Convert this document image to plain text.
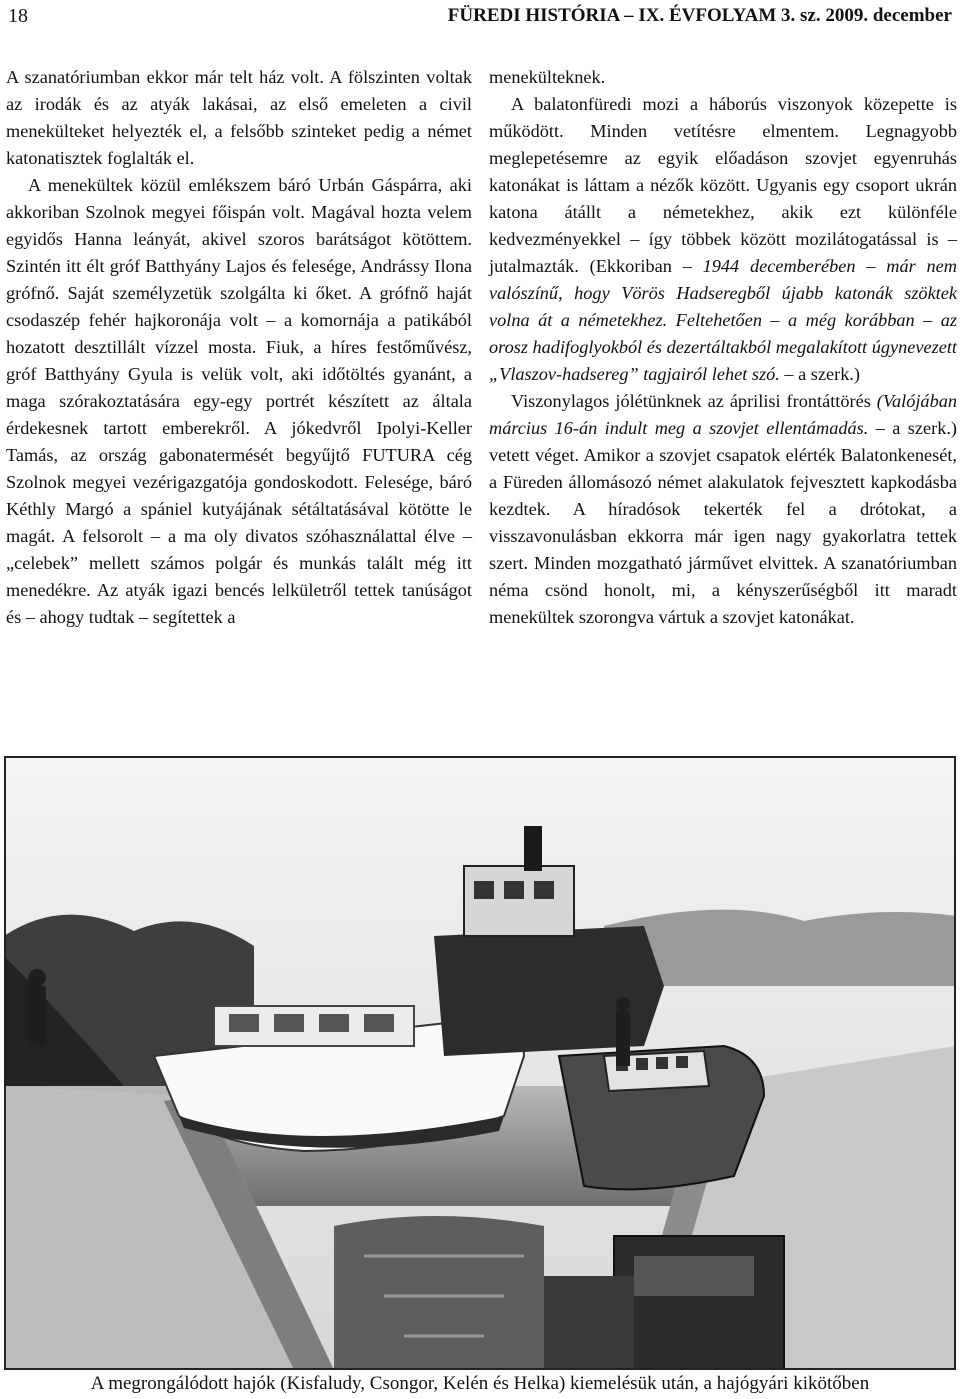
18	FÜREDI HISTÓRIA – IX. ÉVFOLYAM 3. sz. 2009. december

A szanatóriumban ekkor már telt ház volt. A fölszinten voltak az irodák és az atyák lakásai, az első emeleten a civil menekülteket helyezték el, a felsőbb szinteket pedig a német katonatisztek foglalták el.

A menekültek közül emlékszem báró Urbán Gáspárra, aki akkoriban Szolnok megyei főispán volt. Magával hozta velem egyidős Hanna leányát, akivel szoros barátságot kötöttem. Szintén itt élt gróf Batthyány Lajos és felesége, Andrássy Ilona grófnő. Saját személyzetük szolgálta ki őket. A grófnő haját csodaszép fehér hajkoronája volt – a komornája a patikából hozatott desztillált vízzel mosta. Fiuk, a híres festőművész, gróf Batthyány Gyula is velük volt, aki időtöltés gyanánt, a maga szórakoztatására egy-egy portrét készített az általa érdekesnek tartott emberekről. A jókedvről Ipolyi-Keller Tamás, az ország gabonatermését begyűjtő FUTURA cég Szolnok megyei vezérigazgatója gondoskodott. Felesége, báró Kéthly Margó a spániel kutyájának sétáltatásával kötötte le magát. A felsorolt – a ma oly divatos szóhasználattal élve – „celebek” mellett számos polgár és munkás talált még itt menedékre. Az atyák igazi bencés lelkületről tettek tanúságot és – ahogy tudtak – segítettek a

menekülteknek.

A balatonfüredi mozi a háborús viszonyok közepette is működött. Minden vetítésre elmentem. Legnagyobb meglepetésemre az egyik előadáson szovjet egyenruhás katonákat is láttam a nézők között. Ugyanis egy csoport ukrán katona átállt a németekhez, akik ezt különféle kedvezményekkel – így többek között mozilátogatással is – jutalmazták. (Ekkoriban – 1944 decemberében – már nem valószínű, hogy Vörös Hadseregből újabb katonák szöktek volna át a németekhez. Feltehetően – a még korábban – az orosz hadifoglyokból és dezertáltakból megalakított úgynevezett „Vlaszov-hadsereg” tagjairól lehet szó. – a szerk.)

Viszonylagos jólétünknek az áprilisi frontáttörés (Valójában március 16-án indult meg a szovjet ellentámadás. – a szerk.) vetett véget. Amikor a szovjet csapatok elérték Balatonkenesét, a Füreden állomásozó német alakulatok fejvesztett kapkodásba kezdtek. A híradósok tekerték fel a drótokat, a visszavonulásban ekkorra már igen nagy gyakorlatra tettek szert. Minden mozgatható járművet elvittek. A szanatóriumban néma csönd honolt, mi, a kényszerűségből itt maradt menekültek szorongva vártuk a szovjet katonákat.

A megrongálódott hajók (Kisfaludy, Csongor, Kelén és Helka) kiemelésük után, a hajógyári kikötőben
